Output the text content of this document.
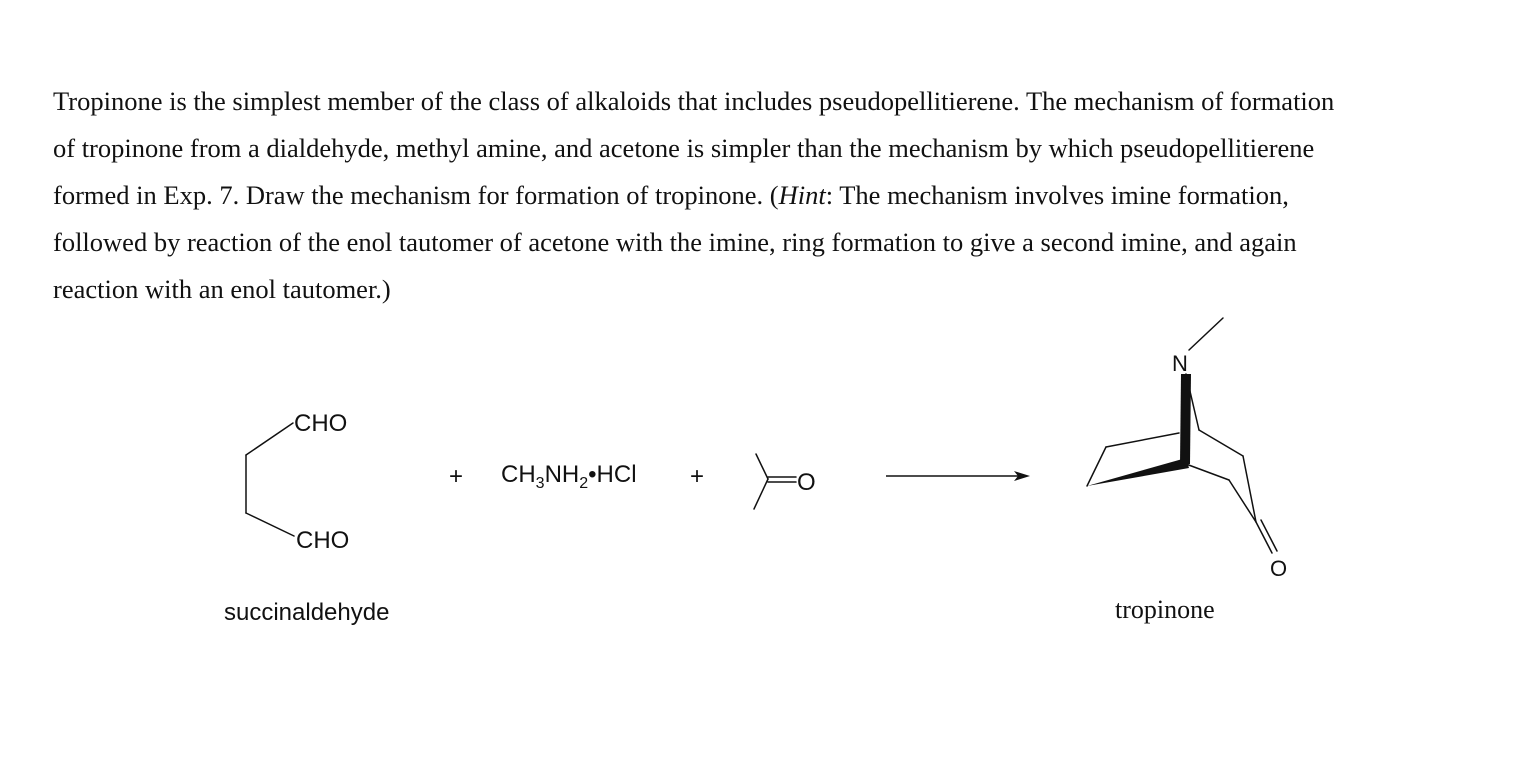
Tropinone is the simplest member of the class of alkaloids that includes pseudopellitierene. The mechanism of formation
of tropinone from a dialdehyde, methyl amine, and acetone is simpler than the mechanism by which pseudopellitierene
formed in Exp. 7. Draw the mechanism for formation of tropinone. (Hint: The mechanism involves imine formation,
followed by reaction of the enol tautomer of acetone with the imine, ring formation to give a second imine, and again
reaction with an enol tautomer.)

CHO
CHO
succinaldehyde
+ $CH_3NH_2•HCl$ +	O
N
O
tropinone
